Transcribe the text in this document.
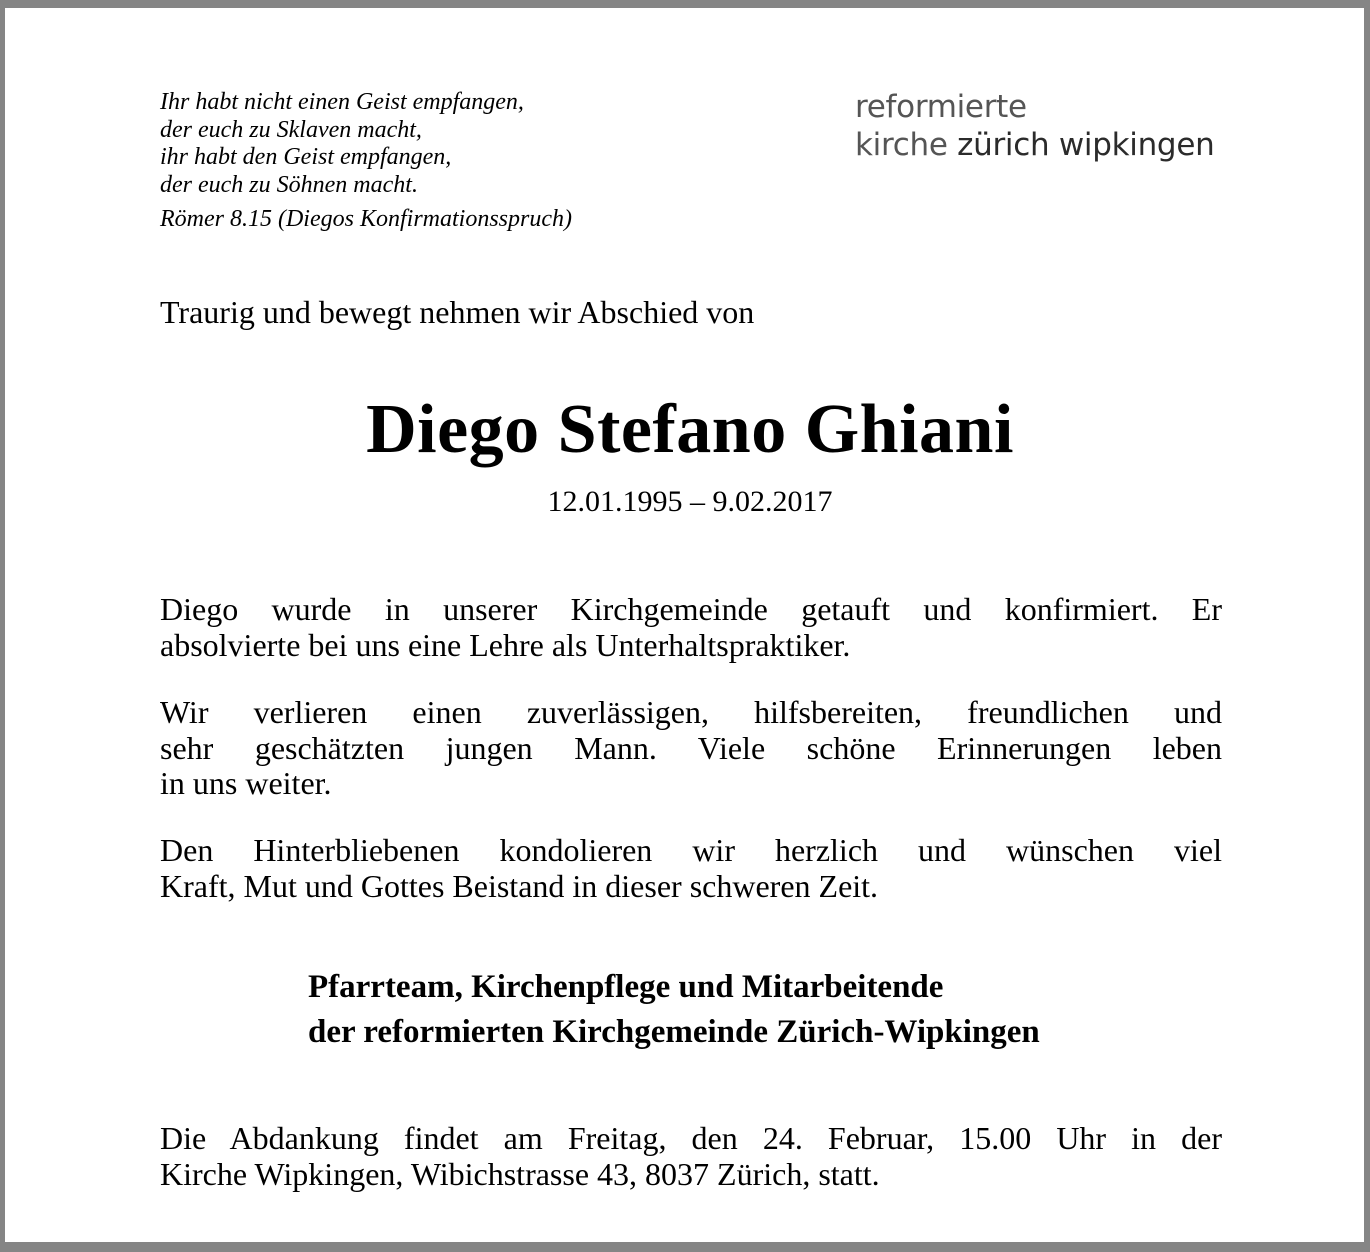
Ihr habt nicht einen Geist empfangen,
der euch zu Sklaven macht,
ihr habt den Geist empfangen,
der euch zu Söhnen macht.
Römer 8.15 (Diegos Konfirmationsspruch)
reformierte
kirche zürich wipkingen
Traurig und bewegt nehmen wir Abschied von
Diego Stefano Ghiani
12.01.1995 – 9.02.2017
Diego wurde in unserer Kirchgemeinde getauft und konfirmiert. Er
absolvierte bei uns eine Lehre als Unterhaltspraktiker.
Wir verlieren einen zuverlässigen, hilfsbereiten, freundlichen und
sehr geschätzten jungen Mann. Viele schöne Erinnerungen leben
in uns weiter.
Den Hinterbliebenen kondolieren wir herzlich und wünschen viel
Kraft, Mut und Gottes Beistand in dieser schweren Zeit.
Pfarrteam, Kirchenpflege und Mitarbeitende
der reformierten Kirchgemeinde Zürich-Wipkingen
Die Abdankung findet am Freitag, den 24. Februar, 15.00 Uhr in der
Kirche Wipkingen, Wibichstrasse 43, 8037 Zürich, statt.
